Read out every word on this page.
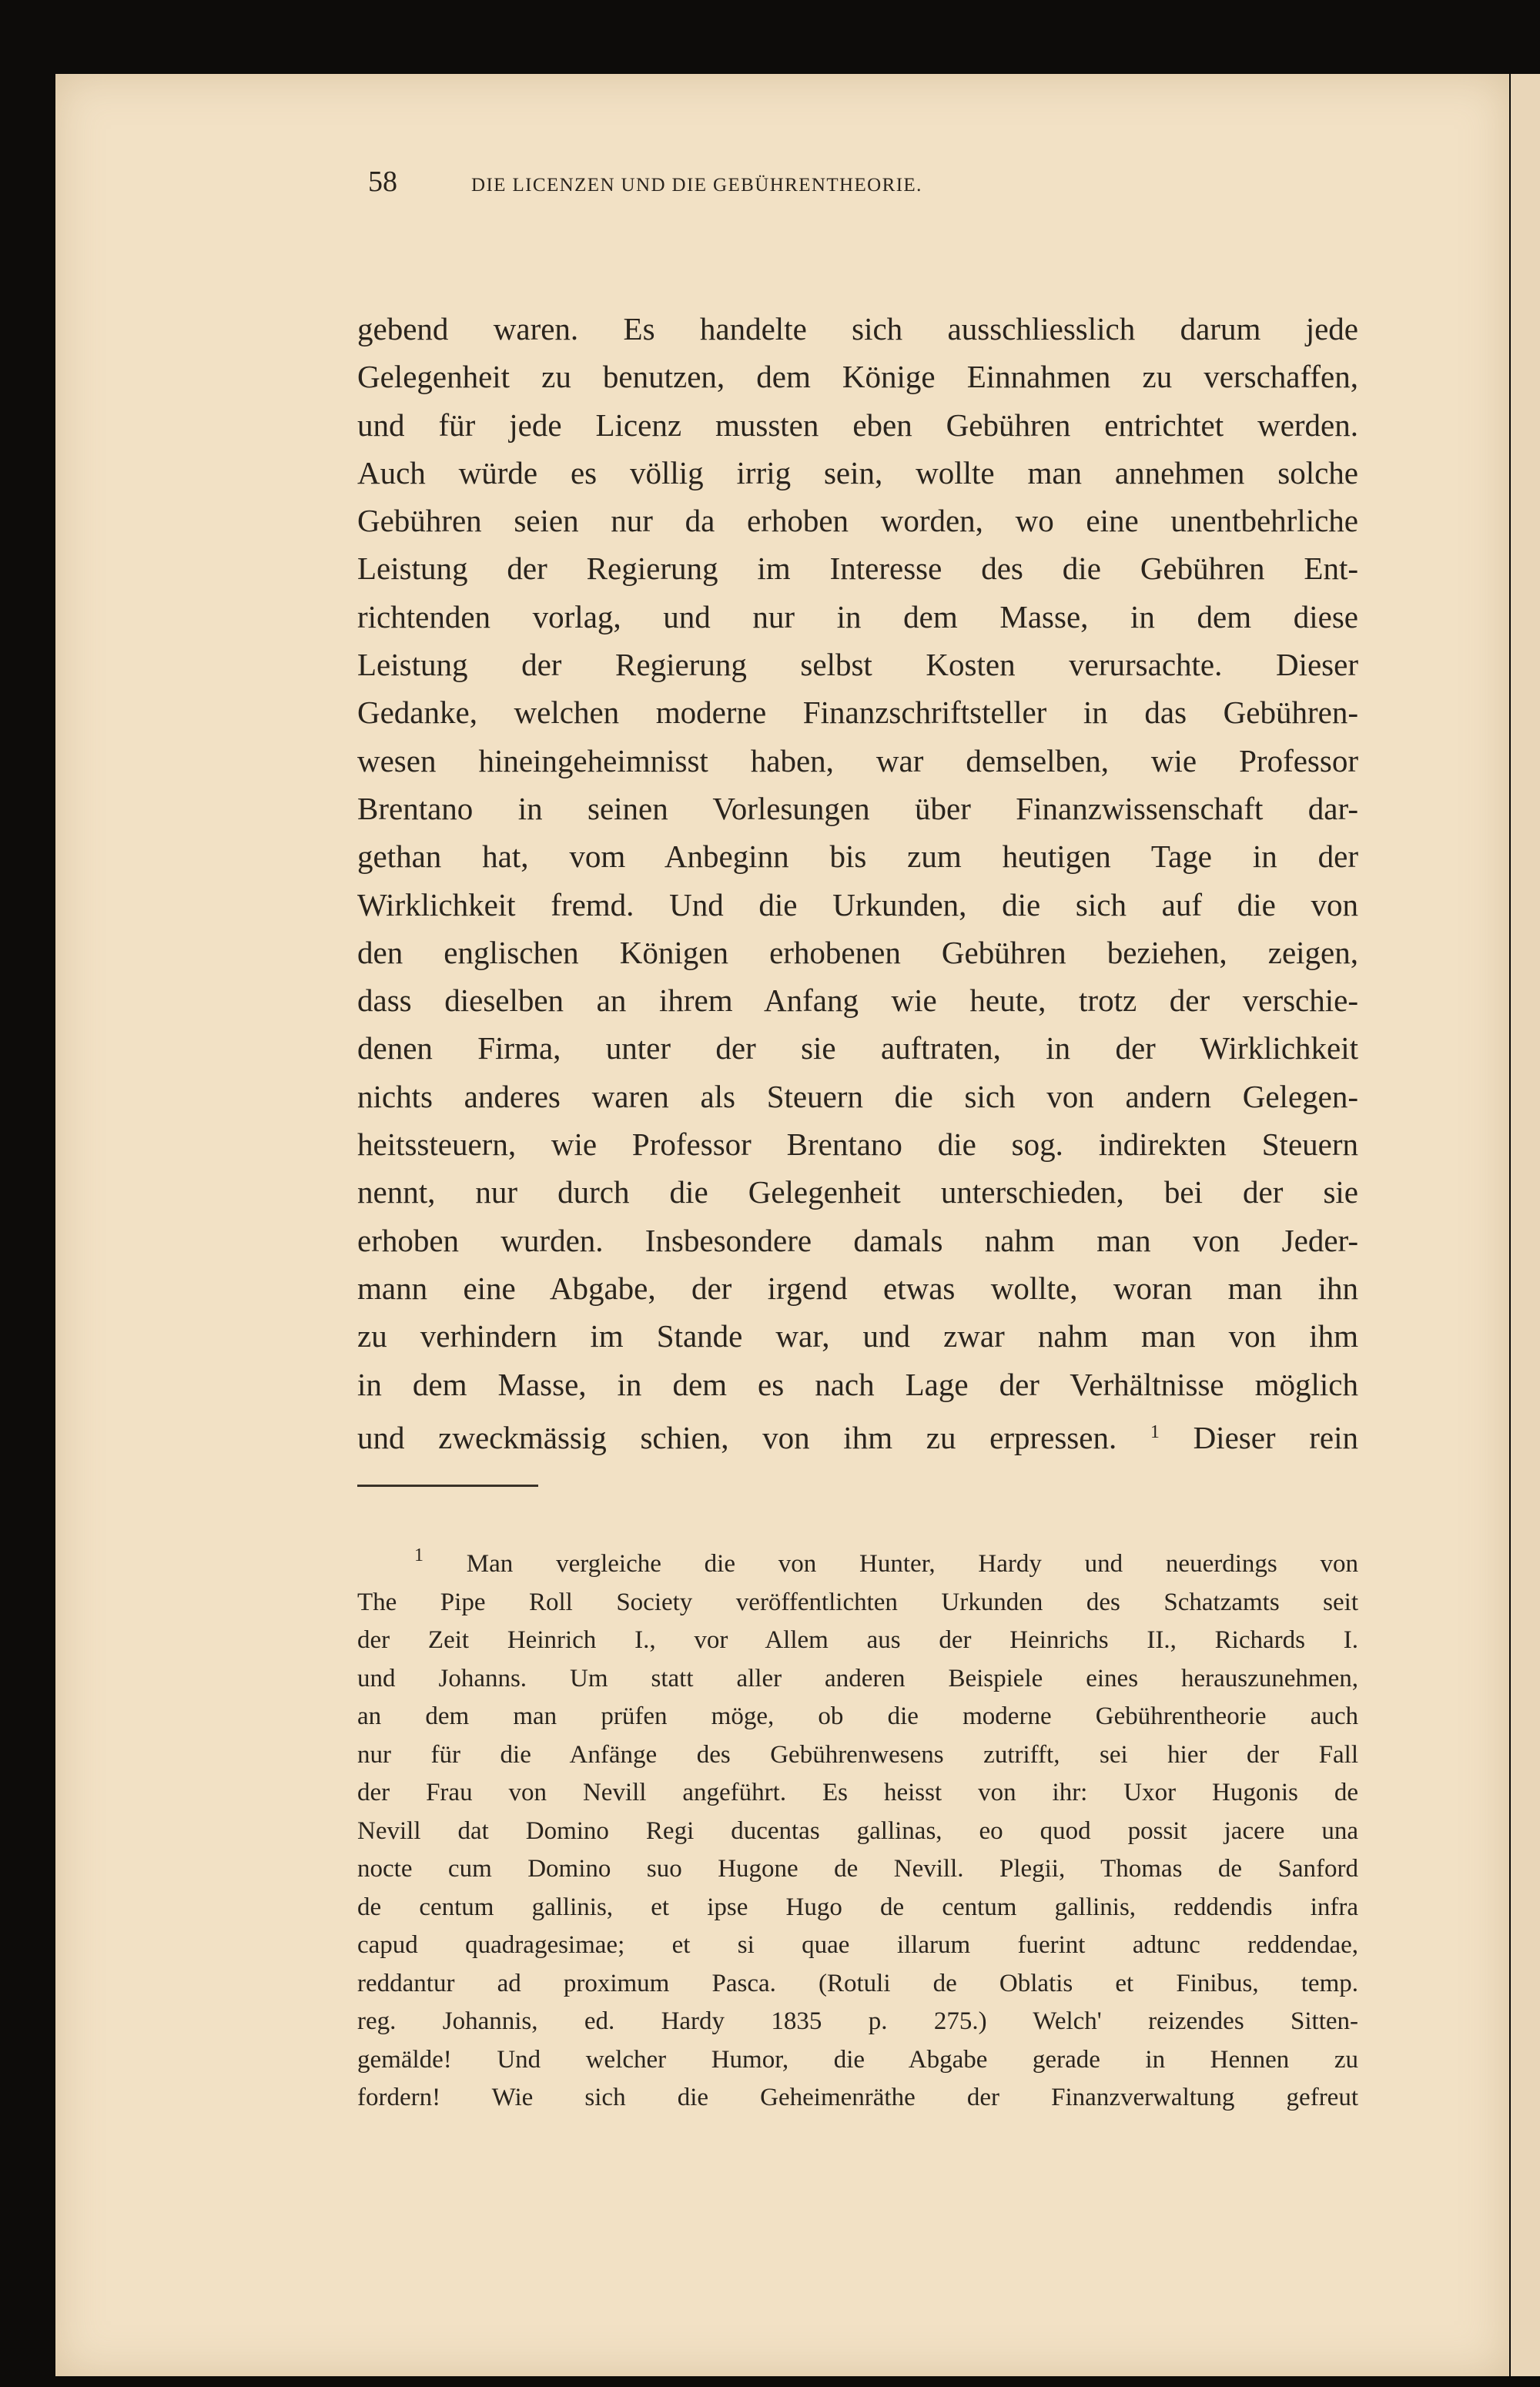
58	DIE LICENZEN UND DIE GEBÜHRENTHEORIE.
gebend waren. Es handelte sich ausschliesslich darum jede
Gelegenheit zu benutzen, dem Könige Einnahmen zu verschaffen,
und für jede Licenz mussten eben Gebühren entrichtet werden.
Auch würde es völlig irrig sein, wollte man annehmen solche
Gebühren seien nur da erhoben worden, wo eine unentbehrliche
Leistung der Regierung im Interesse des die Gebühren Ent-
richtenden vorlag, und nur in dem Masse, in dem diese
Leistung der Regierung selbst Kosten verursachte. Dieser
Gedanke, welchen moderne Finanzschriftsteller in das Gebühren-
wesen hineingeheimnisst haben, war demselben, wie Professor
Brentano in seinen Vorlesungen über Finanzwissenschaft dar-
gethan hat, vom Anbeginn bis zum heutigen Tage in der
Wirklichkeit fremd. Und die Urkunden, die sich auf die von
den englischen Königen erhobenen Gebühren beziehen, zeigen,
dass dieselben an ihrem Anfang wie heute, trotz der verschie-
denen Firma, unter der sie auftraten, in der Wirklichkeit
nichts anderes waren als Steuern die sich von andern Gelegen-
heitssteuern, wie Professor Brentano die sog. indirekten Steuern
nennt, nur durch die Gelegenheit unterschieden, bei der sie
erhoben wurden. Insbesondere damals nahm man von Jeder-
mann eine Abgabe, der irgend etwas wollte, woran man ihn
zu verhindern im Stande war, und zwar nahm man von ihm
in dem Masse, in dem es nach Lage der Verhältnisse möglich
und zweckmässig schien, von ihm zu erpressen. $^1$ Dieser rein
$^1$ Man vergleiche die von Hunter, Hardy und neuerdings von
The Pipe Roll Society veröffentlichten Urkunden des Schatzamts seit
der Zeit Heinrich I., vor Allem aus der Heinrichs II., Richards I.
und Johanns. Um statt aller anderen Beispiele eines herauszunehmen,
an dem man prüfen möge, ob die moderne Gebührentheorie auch
nur für die Anfänge des Gebührenwesens zutrifft, sei hier der Fall
der Frau von Nevill angeführt. Es heisst von ihr: Uxor Hugonis de
Nevill dat Domino Regi ducentas gallinas, eo quod possit jacere una
nocte cum Domino suo Hugone de Nevill. Plegii, Thomas de Sanford
de centum gallinis, et ipse Hugo de centum gallinis, reddendis infra
capud quadragesimae; et si quae illarum fuerint adtunc reddendae,
reddantur ad proximum Pasca. (Rotuli de Oblatis et Finibus, temp.
reg. Johannis, ed. Hardy 1835 p. 275.) Welch' reizendes Sitten-
gemälde! Und welcher Humor, die Abgabe gerade in Hennen zu
fordern! Wie sich die Geheimenräthe der Finanzverwaltung gefreut
